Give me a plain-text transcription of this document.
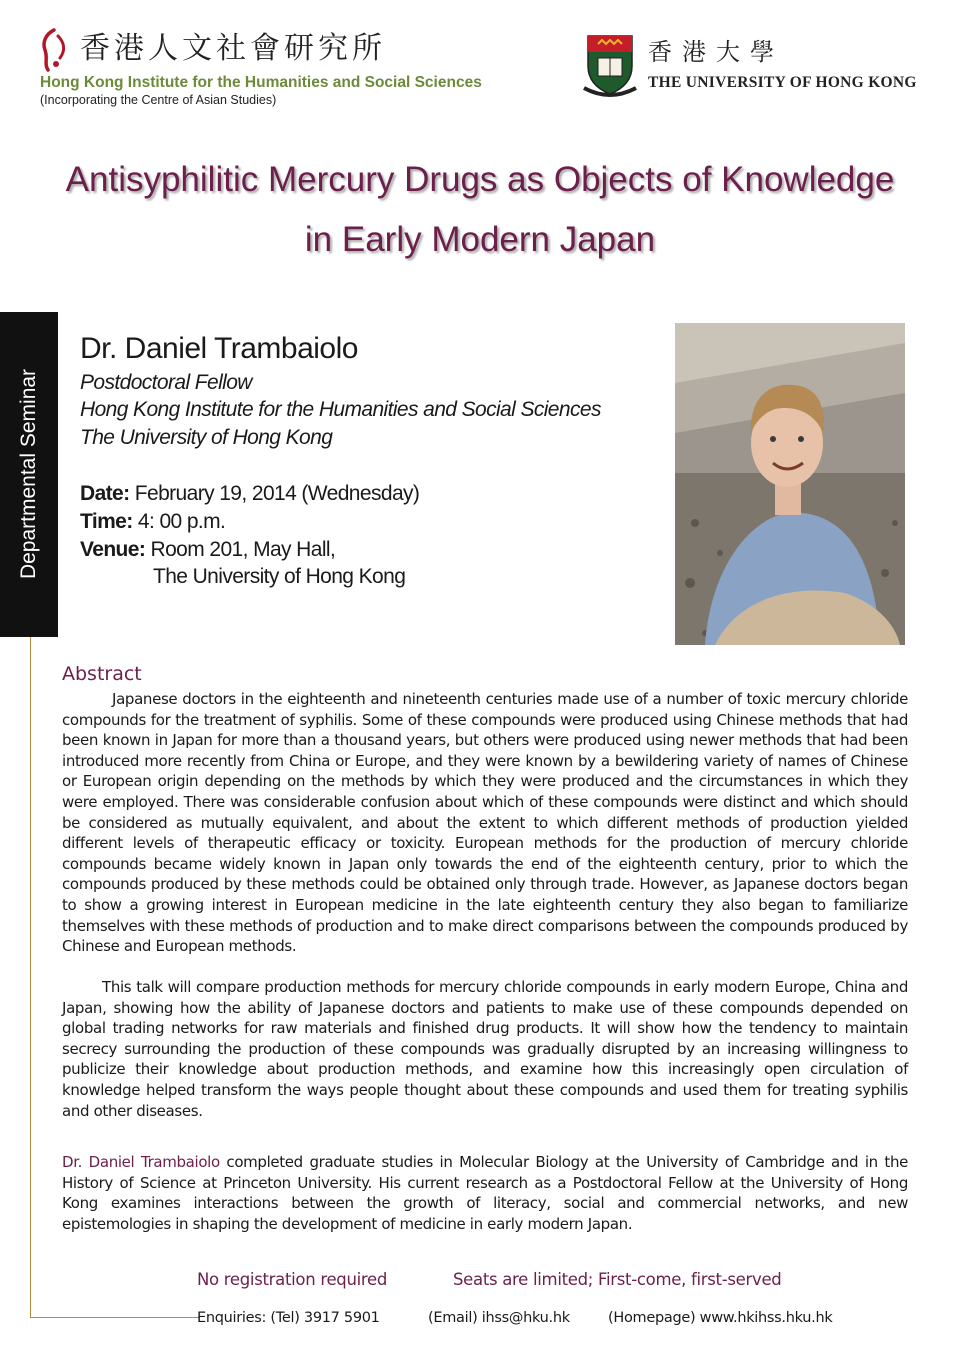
香港人文社會研究所
Hong Kong Institute for the Humanities and Social Sciences
(Incorporating the Centre of Asian Studies)
香港大學
THE UNIVERSITY OF HONG KONG
Antisyphilitic Mercury Drugs as Objects of Knowledge
in Early Modern Japan
Departmental Seminar
Dr. Daniel Trambaiolo
Postdoctoral Fellow
Hong Kong Institute for the Humanities and Social Sciences
The University of Hong Kong
Date: February 19, 2014 (Wednesday)
Time: 4: 00 p.m.
Venue: Room 201, May Hall,
The University of Hong Kong
Abstract

Japanese doctors in the eighteenth and nineteenth centuries made use of a number of toxic mercury chloride compounds for the treatment of syphilis. Some of these compounds were produced using Chinese methods that had been known in Japan for more than a thousand years, but others were produced using newer methods that had been introduced more recently from China or Europe, and they were known by a bewildering variety of names of Chinese or European origin depending on the methods by which they were produced and the circumstances in which they were employed. There was considerable confusion about which of these compounds were distinct and which should be considered as mutually equivalent, and about the extent to which different methods of production yielded different levels of therapeutic efficacy or toxicity. European methods for the production of mercury chloride compounds became widely known in Japan only towards the end of the eighteenth century, prior to which the compounds produced by these methods could be obtained only through trade. However, as Japanese doctors began to show a growing interest in European medicine in the late eighteenth century they also began to familiarize themselves with these methods of production and to make direct comparisons between the compounds produced by Chinese and European methods.

This talk will compare production methods for mercury chloride compounds in early modern Europe, China and Japan, showing how the ability of Japanese doctors and patients to make use of these compounds depended on global trading networks for raw materials and finished drug products. It will show how the tendency to maintain secrecy surrounding the production of these compounds was gradually disrupted by an increasing willingness to publicize their knowledge about production methods, and examine how this increasingly open circulation of knowledge helped transform the ways people thought about these compounds and used them for treating syphilis and other diseases.

Dr. Daniel Trambaiolo completed graduate studies in Molecular Biology at the University of Cambridge and in the History of Science at Princeton University. His current research as a Postdoctoral Fellow at the University of Hong Kong examines interactions between the growth of literacy, social and commercial networks, and new epistemologies in shaping the development of medicine in early modern Japan.

No registration required	Seats are limited; First-come, first-served
Enquiries: (Tel) 3917 5901	(Email) ihss@hku.hk	(Homepage) www.hkihss.hku.hk
